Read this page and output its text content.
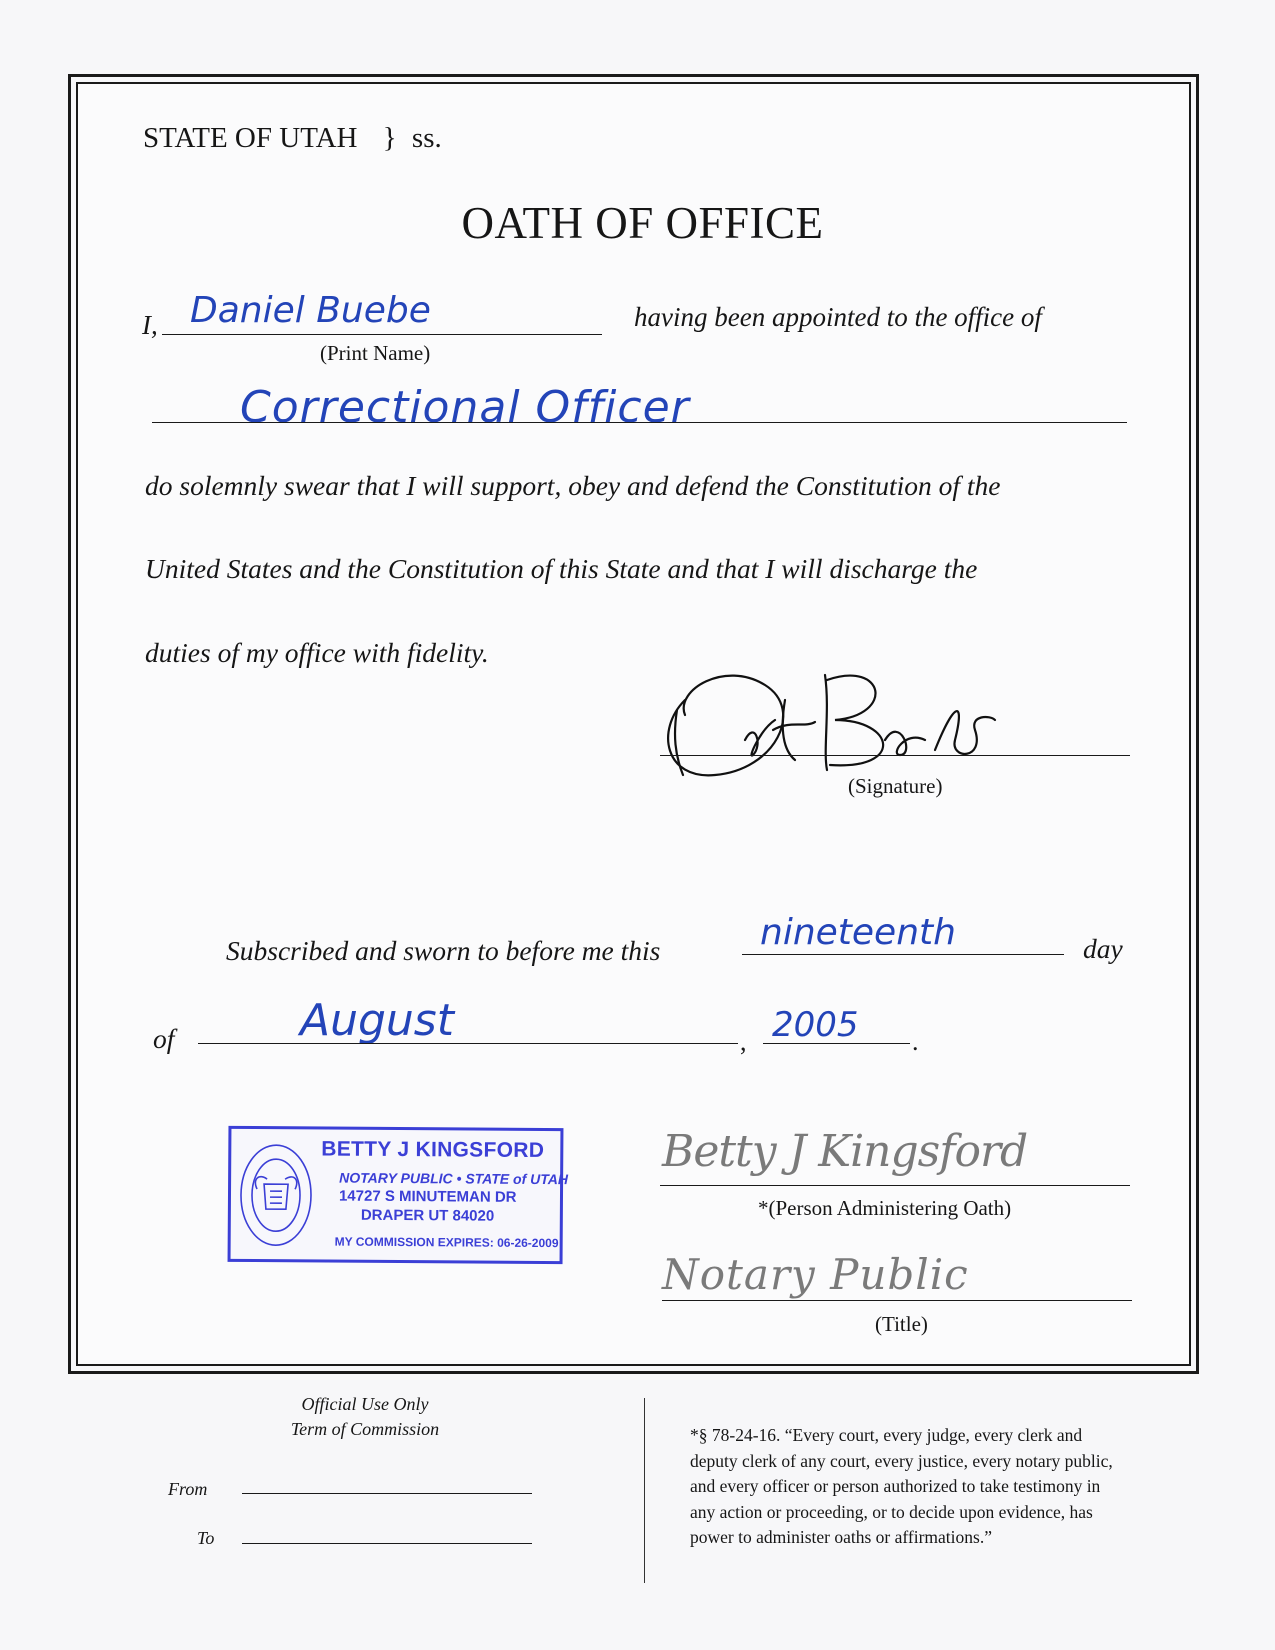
STATE OF UTAH } ss.
OATH OF OFFICE
I, Daniel Buebe
(Print Name)
having been appointed to the office of
Correctional Officer
do solemnly swear that I will support, obey and defend the Constitution of the
United States and the Constitution of this State and that I will discharge the
duties of my office with fidelity.
(Signature)
Subscribed and sworn to before me this	nineteenth	day
of	August	, 2005 .
BETTY J KINGSFORD
NOTARY PUBLIC • STATE of UTAH
14727 S MINUTEMAN DR
DRAPER UT 84020
MY COMMISSION EXPIRES: 06-26-2009
Betty J Kingsford
*(Person Administering Oath)
Notary Public
(Title)
Official Use Only
Term of Commission
From
To
*§ 78-24-16. “Every court, every judge, every clerk and
deputy clerk of any court, every justice, every notary public,
and every officer or person authorized to take testimony in
any action or proceeding, or to decide upon evidence, has
power to administer oaths or affirmations.”
